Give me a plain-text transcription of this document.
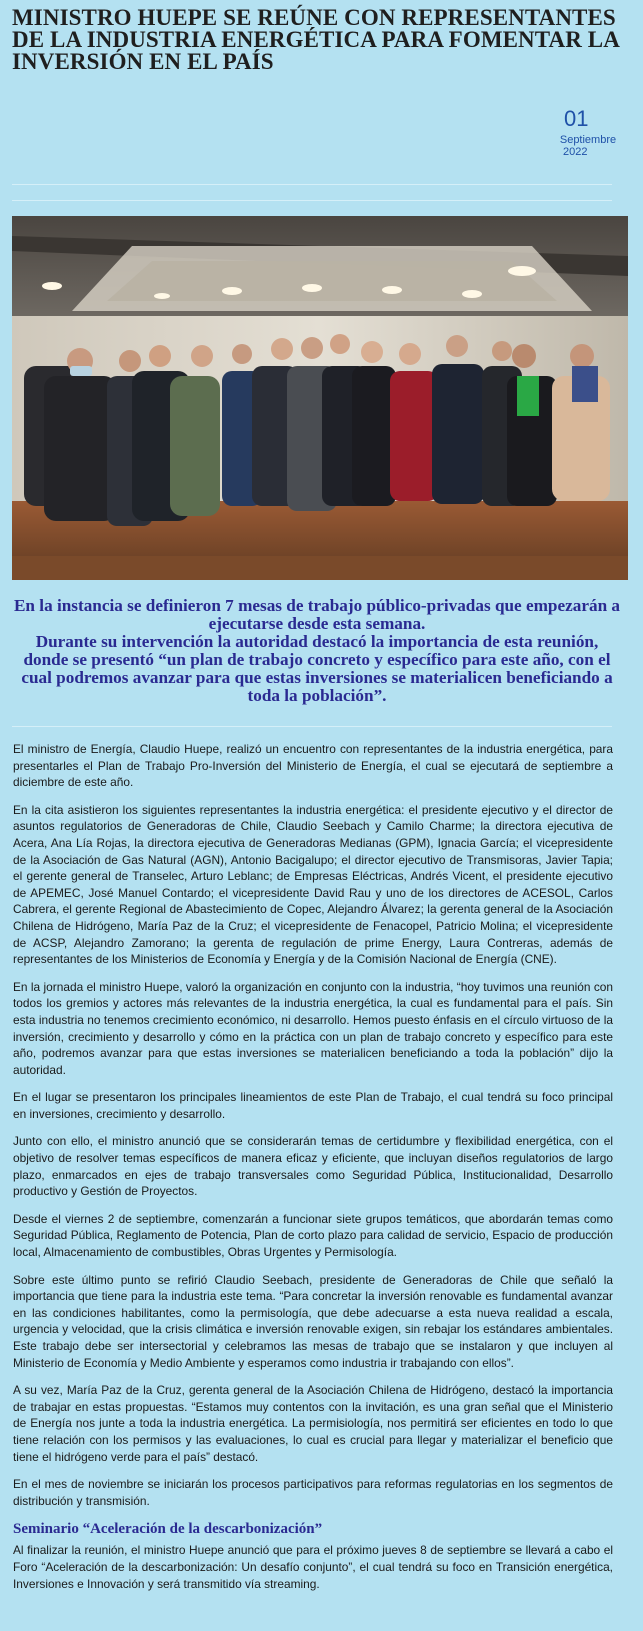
MINISTRO HUEPE SE REÚNE CON REPRESENTANTES DE LA INDUSTRIA ENERGÉTICA PARA FOMENTAR LA INVERSIÓN EN EL PAÍS
01
Septiembre
2022
En la instancia se definieron 7 mesas de trabajo público-privadas que empezarán a ejecutarse desde esta semana.
Durante su intervención la autoridad destacó la importancia de esta reunión, donde se presentó “un plan de trabajo concreto y específico para este año, con el cual podremos avanzar para que estas inversiones se materialicen beneficiando a toda la población”.

El ministro de Energía, Claudio Huepe, realizó un encuentro con representantes de la industria energética, para presentarles el Plan de Trabajo Pro-Inversión del Ministerio de Energía, el cual se ejecutará de septiembre a diciembre de este año.

En la cita asistieron los siguientes representantes la industria energética: el presidente ejecutivo y el director de asuntos regulatorios de Generadoras de Chile, Claudio Seebach y Camilo Charme; la directora ejecutiva de Acera, Ana Lía Rojas, la directora ejecutiva de Generadoras Medianas (GPM), Ignacia García; el vicepresidente de la Asociación de Gas Natural (AGN), Antonio Bacigalupo; el director ejecutivo de Transmisoras, Javier Tapia; el gerente general de Transelec, Arturo Leblanc; de Empresas Eléctricas, Andrés Vicent, el presidente ejecutivo de APEMEC, José Manuel Contardo; el vicepresidente David Rau y uno de los directores de ACESOL, Carlos Cabrera, el gerente Regional de Abastecimiento de Copec, Alejandro Álvarez; la gerenta general de la Asociación Chilena de Hidrógeno, María Paz de la Cruz; el vicepresidente de Fenacopel, Patricio Molina; el vicepresidente de ACSP, Alejandro Zamorano; la gerenta de regulación de prime Energy, Laura Contreras, además de representantes de los Ministerios de Economía y Energía y de la Comisión Nacional de Energía (CNE).

En la jornada el ministro Huepe, valoró la organización en conjunto con la industria, “hoy tuvimos una reunión con todos los gremios y actores más relevantes de la industria energética, la cual es fundamental para el país. Sin esta industria no tenemos crecimiento económico, ni desarrollo. Hemos puesto énfasis en el círculo virtuoso de la inversión, crecimiento y desarrollo y cómo en la práctica con un plan de trabajo concreto y específico para este año, podremos avanzar para que estas inversiones se materialicen beneficiando a toda la población” dijo la autoridad.

En el lugar se presentaron los principales lineamientos de este Plan de Trabajo, el cual tendrá su foco principal en inversiones, crecimiento y desarrollo.

Junto con ello, el ministro anunció que se considerarán temas de certidumbre y flexibilidad energética, con el objetivo de resolver temas específicos de manera eficaz y eficiente, que incluyan diseños regulatorios de largo plazo, enmarcados en ejes de trabajo transversales como Seguridad Pública, Institucionalidad, Desarrollo productivo y Gestión de Proyectos.

Desde el viernes 2 de septiembre, comenzarán a funcionar siete grupos temáticos, que abordarán temas como Seguridad Pública, Reglamento de Potencia, Plan de corto plazo para calidad de servicio, Espacio de producción local, Almacenamiento de combustibles, Obras Urgentes y Permisología.

Sobre este último punto se refirió Claudio Seebach, presidente de Generadoras de Chile que señaló la importancia que tiene para la industria este tema. “Para concretar la inversión renovable es fundamental avanzar en las condiciones habilitantes, como la permisología, que debe adecuarse a esta nueva realidad a escala, urgencia y velocidad, que la crisis climática e inversión renovable exigen, sin rebajar los estándares ambientales. Este trabajo debe ser intersectorial y celebramos las mesas de trabajo que se instalaron y que incluyen al Ministerio de Economía y Medio Ambiente y esperamos como industria ir trabajando con ellos”.

A su vez, María Paz de la Cruz, gerenta general de la Asociación Chilena de Hidrógeno, destacó la importancia de trabajar en estas propuestas. “Estamos muy contentos con la invitación, es una gran señal que el Ministerio de Energía nos junte a toda la industria energética. La permisiología, nos permitirá ser eficientes en todo lo que tiene relación con los permisos y las evaluaciones, lo cual es crucial para llegar y materializar el beneficio que tiene el hidrógeno verde para el país” destacó.

En el mes de noviembre se iniciarán los procesos participativos para reformas regulatorias en los segmentos de distribución y transmisión.

Seminario “Aceleración de la descarbonización”

Al finalizar la reunión, el ministro Huepe anunció que para el próximo jueves 8 de septiembre se llevará a cabo el Foro “Aceleración de la descarbonización: Un desafío conjunto”, el cual tendrá su foco en Transición energética, Inversiones e Innovación y será transmitido vía streaming.
